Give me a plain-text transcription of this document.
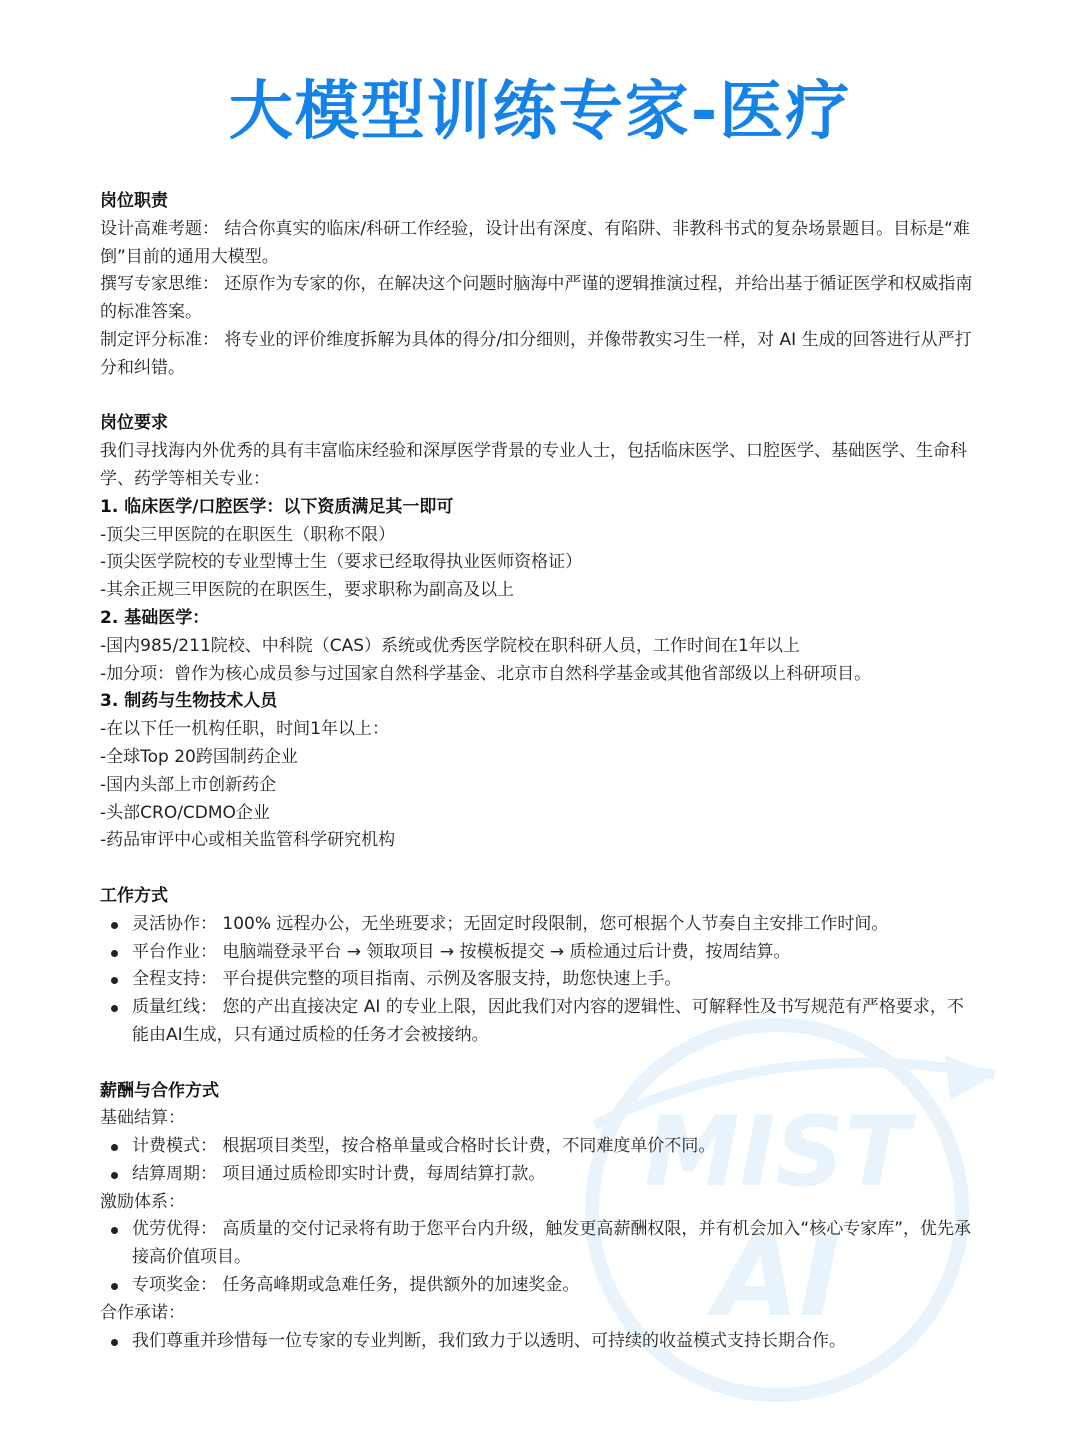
MIST
AI
大模型训练专家-医疗
岗位职责
设计高难考题： 结合你真实的临床/科研工作经验，设计出有深度、有陷阱、非教科书式的复杂场景题目。目标是“难倒”目前的通用大模型。
撰写专家思维： 还原作为专家的你，在解决这个问题时脑海中严谨的逻辑推演过程，并给出基于循证医学和权威指南的标准答案。
制定评分标准： 将专业的评价维度拆解为具体的得分/扣分细则，并像带教实习生一样，对 AI 生成的回答进行从严打分和纠错。
岗位要求
我们寻找海内外优秀的具有丰富临床经验和深厚医学背景的专业人士，包括临床医学、口腔医学、基础医学、生命科学、药学等相关专业：
1. 临床医学/口腔医学：以下资质满足其一即可
-顶尖三甲医院的在职医生（职称不限）
-顶尖医学院校的专业型博士生（要求已经取得执业医师资格证）
-其余正规三甲医院的在职医生，要求职称为副高及以上
2. 基础医学：
-国内985/211院校、中科院（CAS）系统或优秀医学院校在职科研人员，工作时间在1年以上
-加分项：曾作为核心成员参与过国家自然科学基金、北京市自然科学基金或其他省部级以上科研项目。
3. 制药与生物技术人员
-在以下任一机构任职，时间1年以上：
-全球Top 20跨国制药企业
-国内头部上市创新药企
-头部CRO/CDMO企业
-药品审评中心或相关监管科学研究机构
工作方式
灵活协作： 100% 远程办公，无坐班要求；无固定时段限制，您可根据个人节奏自主安排工作时间。
平台作业： 电脑端登录平台 → 领取项目 → 按模板提交 → 质检通过后计费，按周结算。
全程支持： 平台提供完整的项目指南、示例及客服支持，助您快速上手。
质量红线： 您的产出直接决定 AI 的专业上限，因此我们对内容的逻辑性、可解释性及书写规范有严格要求，不能由AI生成，只有通过质检的任务才会被接纳。
薪酬与合作方式
基础结算：
计费模式： 根据项目类型，按合格单量或合格时长计费，不同难度单价不同。
结算周期： 项目通过质检即实时计费，每周结算打款。
激励体系：
优劳优得： 高质量的交付记录将有助于您平台内升级，触发更高薪酬权限，并有机会加入“核心专家库”，优先承接高价值项目。
专项奖金： 任务高峰期或急难任务，提供额外的加速奖金。
合作承诺：
我们尊重并珍惜每一位专家的专业判断，我们致力于以透明、可持续的收益模式支持长期合作。
